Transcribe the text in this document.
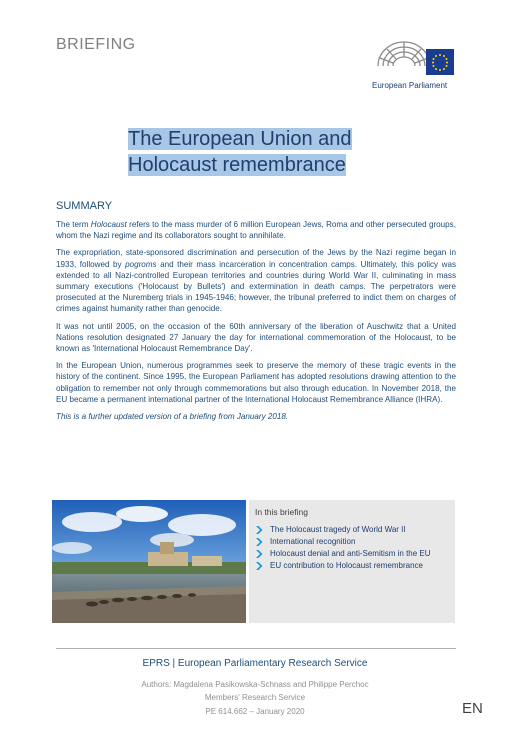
BRIEFING
European Parliament
The European Union and
Holocaust remembrance
SUMMARY

The term Holocaust refers to the mass murder of 6 million European Jews, Roma and other persecuted groups, whom the Nazi regime and its collaborators sought to annihilate.

The expropriation, state-sponsored discrimination and persecution of the Jews by the Nazi regime began in 1933, followed by pogroms and their mass incarceration in concentration camps. Ultimately, this policy was extended to all Nazi-controlled European territories and countries during World War II, culminating in mass summary executions ('Holocaust by Bullets') and extermination in death camps. The perpetrators were prosecuted at the Nuremberg trials in 1945-1946; however, the tribunal preferred to indict them on charges of crimes against humanity rather than genocide.

It was not until 2005, on the occasion of the 60th anniversary of the liberation of Auschwitz that a United Nations resolution designated 27 January the day for international commemoration of the Holocaust, to be known as 'International Holocaust Remembrance Day'.

In the European Union, numerous programmes seek to preserve the memory of these tragic events in the history of the continent. Since 1995, the European Parliament has adopted resolutions drawing attention to the obligation to remember not only through commemorations but also through education. In November 2018, the EU became a permanent international partner of the International Holocaust Remembrance Alliance (IHRA).

This is a further updated version of a briefing from January 2018.

In this briefing
The Holocaust tragedy of World War II
International recognition
Holocaust denial and anti-Semitism in the EU
EU contribution to Holocaust remembrance
EPRS | European Parliamentary Research Service
Authors: Magdalena Pasikowska-Schnass and Philippe Perchoc
Members' Research Service
PE 614.662 – January 2020	EN
